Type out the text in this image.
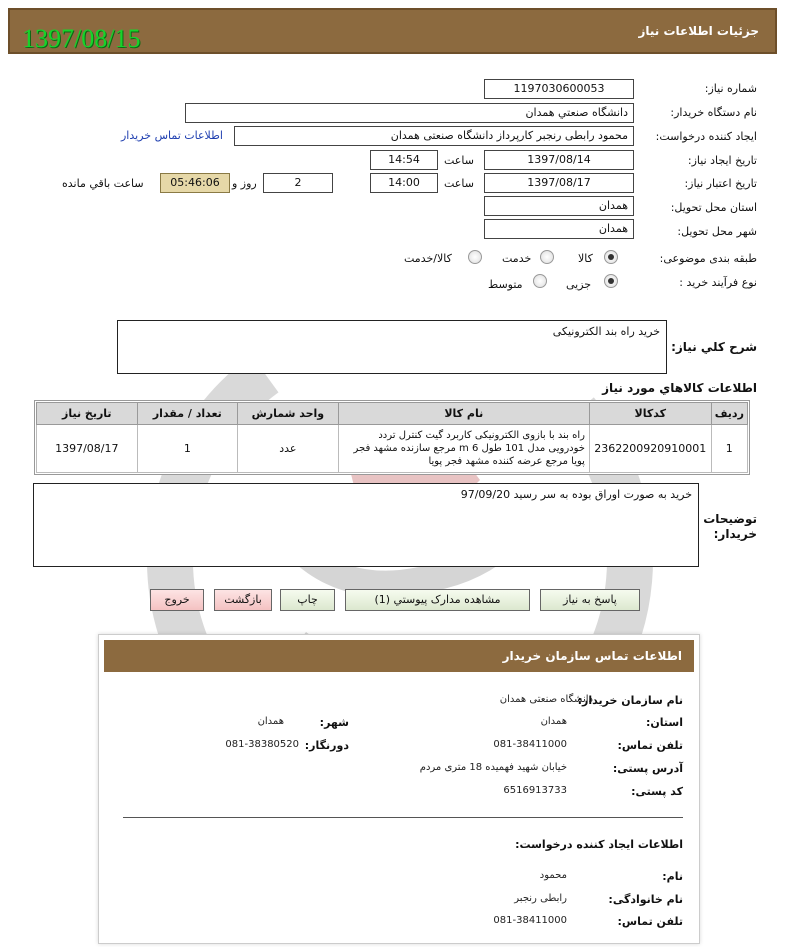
1397/08/15	جزئیات اطلاعات نیاز
شماره نیاز:
1197030600053
نام دستگاه خریدار:
دانشگاه صنعتي همدان
ایجاد کننده درخواست:
محمود رابطی رنجبر کارپرداز دانشگاه صنعتی همدان
اطلاعات تماس خریدار
تاریخ ایجاد نیاز:
1397/08/14
ساعت
14:54
تاریخ اعتبار نیاز:
1397/08/17
ساعت
14:00
2
روز و
05:46:06
ساعت باقي مانده
استان محل تحویل:
همدان
شهر محل تحویل:
همدان
طبقه بندی موضوعی:
کالا
خدمت
کالا/خدمت
نوع فرآیند خرید :
جزیی
متوسط
شرح کلي نیاز:
خرید راه بند الکترونیکی
اطلاعات کالاهاي مورد نیاز
ردیف	کدکالا	نام کالا	واحد شمارش	تعداد / مقدار	تاریخ نیاز
1	2362200920910001	راه بند با بازوی الکترونیکی کاربرد گیت کنترل تردد خودرویی مدل 101 طول 6 m مرجع سازنده مشهد فجر پویا مرجع عرضه کننده مشهد فجر پویا	عدد	1	1397/08/17
توضیحات خریدار:
خرید به صورت اوراق بوده به سر رسید 97/09/20
پاسخ به نیاز
مشاهده مدارک پیوستي (1)
چاپ
بازگشت
خروج
اطلاعات تماس سازمان خریدار
نام سازمان خریدار:
دانشگاه صنعتی همدان
استان:
همدان
شهر:
همدان
تلفن تماس:
081-38411000
دورنگار:
081-38380520
آدرس پستی:
خیابان شهید فهمیده 18 متری مردم
کد پستی:
6516913733
اطلاعات ایجاد کننده درخواست:
نام:
محمود
نام خانوادگی:
رابطی رنجبر
تلفن تماس:
081-38411000
